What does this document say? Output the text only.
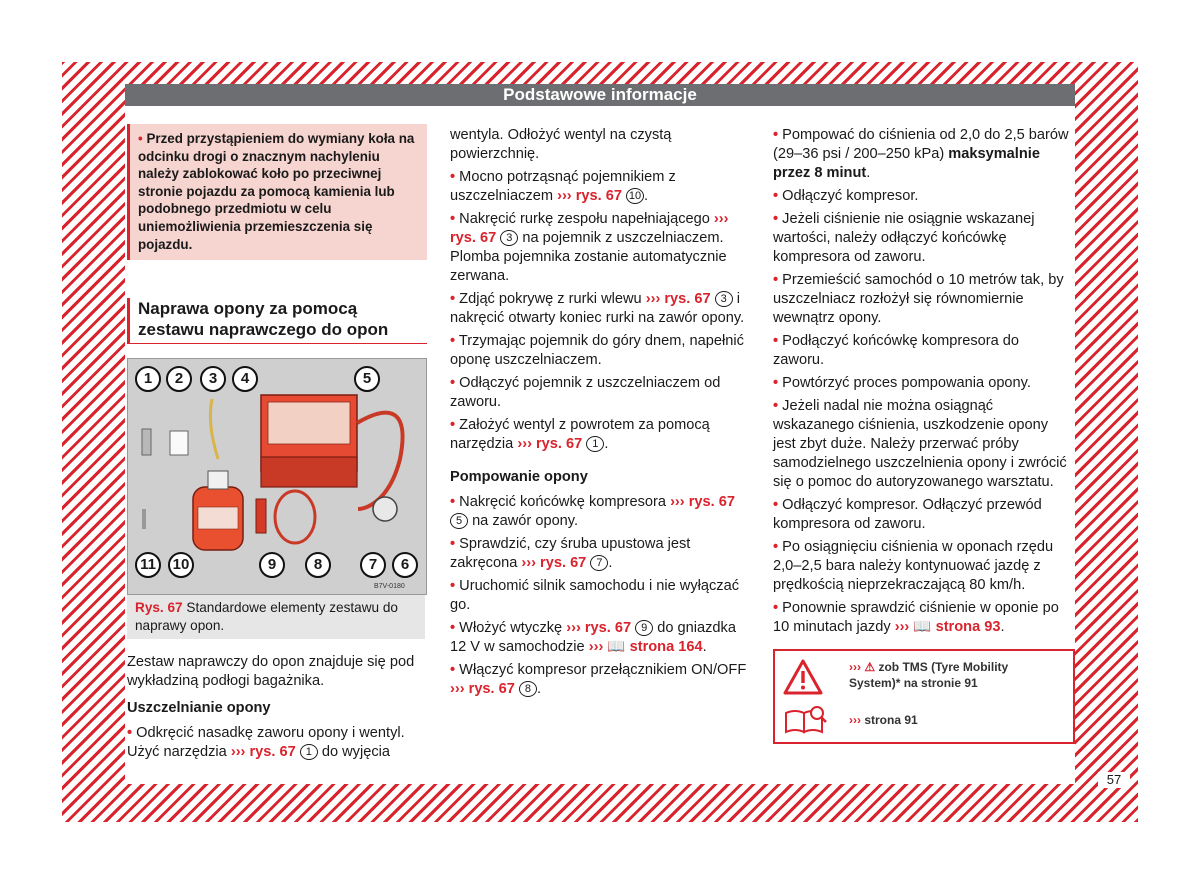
Podstawowe informacje
57
• Przed przystąpieniem do wymiany koła na odcinku drogi o znacznym nachyleniu należy zablokować koło po przeciwnej stronie pojazdu za pomocą kamienia lub podobnego przedmiotu w celu uniemożliwienia przemieszczenia się pojazdu.
Naprawa opony za pomocą zestawu naprawczego do opon
B7V-0180
1	2	3	4	5
11	10	9	8	7	6
Rys. 67 Standardowe elementy zestawu do naprawy opon.

Zestaw naprawczy do opon znajduje się pod wykładziną podłogi bagażnika.

Uszczelnianie opony

• Odkręcić nasadkę zaworu opony i wentyl. Użyć narzędzia ››› rys. 67 1 do wyjęcia

wentyla. Odłożyć wentyl na czystą powierzchnię.

• Mocno potrząsnąć pojemnikiem z uszczelniaczem ››› rys. 67 10 .

• Nakręcić rurkę zespołu napełniającego ››› rys. 67 3 na pojemnik z uszczelniaczem. Plomba pojemnika zostanie automatycznie zerwana.

• Zdjąć pokrywę z rurki wlewu ››› rys. 67 3 i nakręcić otwarty koniec rurki na zawór opony.

• Trzymając pojemnik do góry dnem, napełnić oponę uszczelniaczem.

• Odłączyć pojemnik z uszczelniaczem od zaworu.

• Założyć wentyl z powrotem za pomocą narzędzia ››› rys. 67 1 .

Pompowanie opony

• Nakręcić końcówkę kompresora ››› rys. 67 5 na zawór opony.

• Sprawdzić, czy śruba upustowa jest zakręcona ››› rys. 67 7 .

• Uruchomić silnik samochodu i nie wyłączać go.

• Włożyć wtyczkę ››› rys. 67 9 do gniazdka 12 V w samochodzie ››› 📖 strona 164.

• Włączyć kompresor przełącznikiem ON/OFF ››› rys. 67 8 .

• Pompować do ciśnienia od 2,0 do 2,5 barów (29–36 psi / 200–250 kPa) maksymalnie przez 8 minut.

• Odłączyć kompresor.

• Jeżeli ciśnienie nie osiągnie wskazanej wartości, należy odłączyć końcówkę kompresora od zaworu.

• Przemieścić samochód o 10 metrów tak, by uszczelniacz rozłożył się równomiernie wewnątrz opony.

• Podłączyć końcówkę kompresora do zaworu.

• Powtórzyć proces pompowania opony.

• Jeżeli nadal nie można osiągnąć wskazanego ciśnienia, uszkodzenie opony jest zbyt duże. Należy przerwać próby samodzielnego uszczelnienia opony i zwrócić się o pomoc do autoryzowanego warsztatu.

• Odłączyć kompresor. Odłączyć przewód kompresora od zaworu.

• Po osiągnięciu ciśnienia w oponach rzędu 2,0–2,5 bara należy kontynuować jazdę z prędkością nieprzekraczającą 80 km/h.

• Ponownie sprawdzić ciśnienie w oponie po 10 minutach jazdy ››› 📖 strona 93.

››› ⚠ zob TMS (Tyre Mobility System)* na stronie 91
››› strona 91
